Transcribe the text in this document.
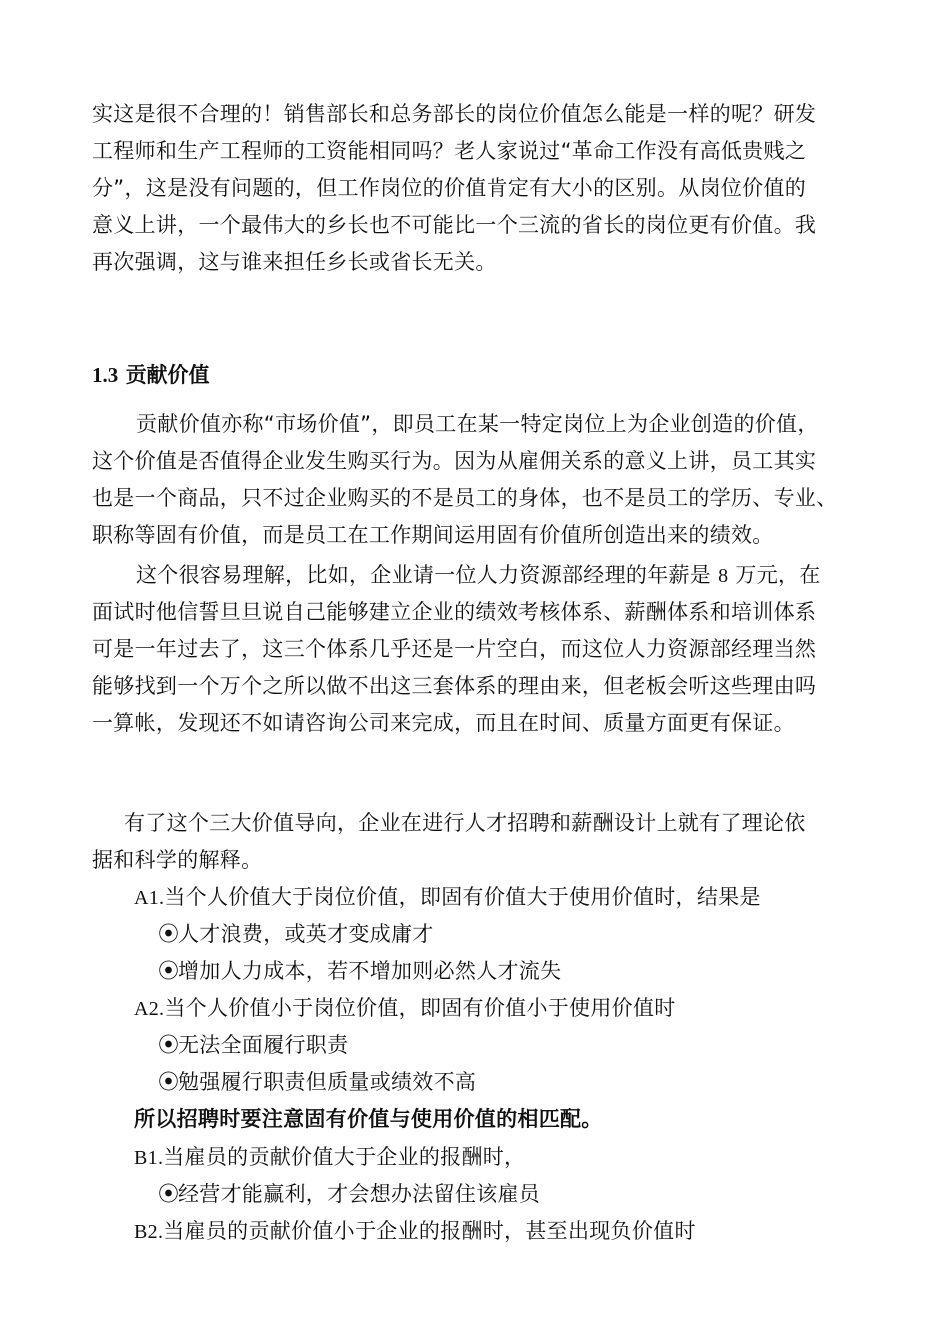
实这是很不合理的！销售部长和总务部长的岗位价值怎么能是一样的呢？研发
工程师和生产工程师的工资能相同吗？老人家说过“革命工作没有高低贵贱之
分”，这是没有问题的，但工作岗位的价值肯定有大小的区别。从岗位价值的
意义上讲，一个最伟大的乡长也不可能比一个三流的省长的岗位更有价值。我
再次强调，这与谁来担任乡长或省长无关。
1.3 贡献价值
贡献价值亦称“市场价值”，即员工在某一特定岗位上为企业创造的价值，
这个价值是否值得企业发生购买行为。因为从雇佣关系的意义上讲，员工其实
也是一个商品，只不过企业购买的不是员工的身体，也不是员工的学历、专业、
职称等固有价值，而是员工在工作期间运用固有价值所创造出来的绩效。
这个很容易理解，比如，企业请一位人力资源部经理的年薪是 8 万元，在
面试时他信誓旦旦说自己能够建立企业的绩效考核体系、薪酬体系和培训体系
可是一年过去了，这三个体系几乎还是一片空白，而这位人力资源部经理当然
能够找到一个万个之所以做不出这三套体系的理由来，但老板会听这些理由吗
一算帐，发现还不如请咨询公司来完成，而且在时间、质量方面更有保证。
有了这个三大价值导向，企业在进行人才招聘和薪酬设计上就有了理论依
据和科学的解释。
A1.当个人价值大于岗位价值，即固有价值大于使用价值时，结果是
⦿人才浪费，或英才变成庸才
⦿增加人力成本，若不增加则必然人才流失
A2.当个人价值小于岗位价值，即固有价值小于使用价值时
⦿无法全面履行职责
⦿勉强履行职责但质量或绩效不高
所以招聘时要注意固有价值与使用价值的相匹配。
B1.当雇员的贡献价值大于企业的报酬时，
⦿经营才能赢利，才会想办法留住该雇员
B2.当雇员的贡献价值小于企业的报酬时，甚至出现负价值时
